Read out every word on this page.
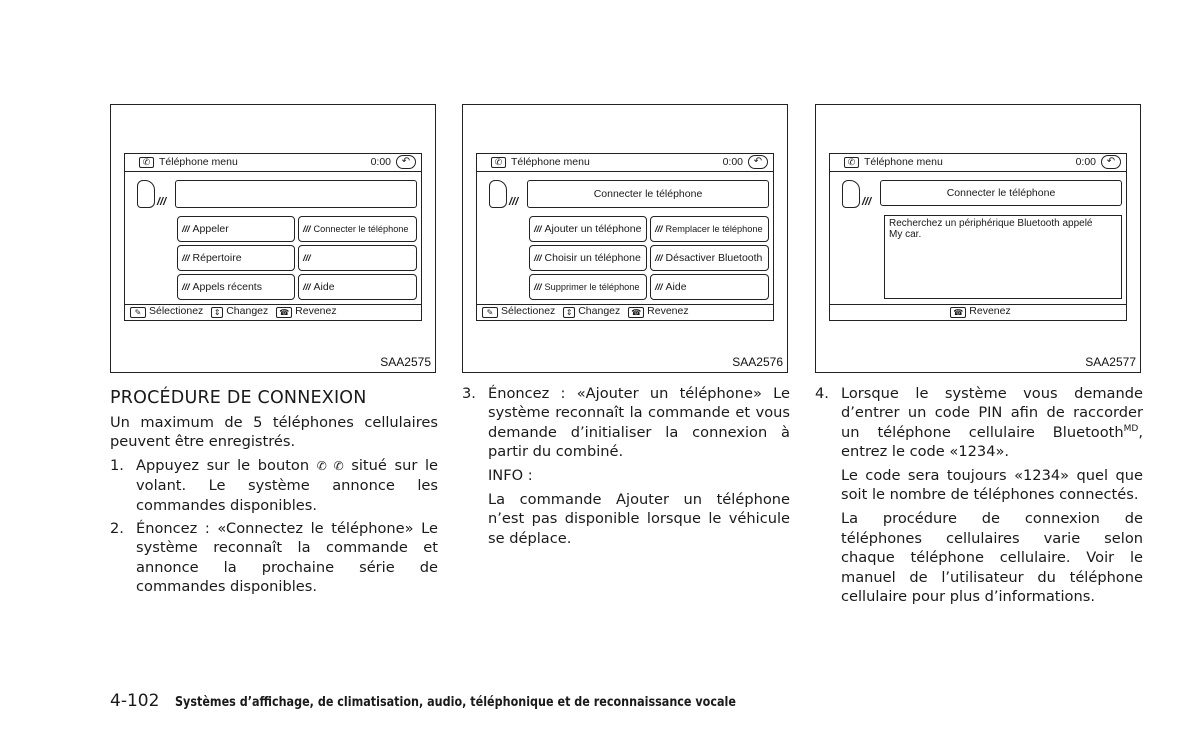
✆ Téléphone menu	0:00	↶
///
/// Appeler	/// Connecter le téléphone
/// Répertoire	///
/// Appels récents	/// Aide
✎ Sélectionez ⇕ Changez ☎ Revenez
SAA2575
✆ Téléphone menu	0:00	↶
///
Connecter le téléphone
/// Ajouter un téléphone	/// Remplacer le téléphone
/// Choisir un téléphone	/// Désactiver Bluetooth
/// Supprimer le téléphone	/// Aide
✎ Sélectionez ⇕ Changez ☎ Revenez
SAA2576
✆ Téléphone menu	0:00	↶
///
Connecter le téléphone
Recherchez un périphérique Bluetooth appelé
My car.
☎ Revenez
SAA2577
PROCÉDURE DE CONNEXION
Un maximum de 5 téléphones cellulaires peuvent être enregistrés.
1. Appuyez sur le bouton ✆ ✆ situé sur le volant. Le système annonce les commandes disponibles.
2. Énoncez : «Connectez le téléphone» Le système reconnaît la commande et annonce la prochaine série de commandes disponibles.
3. Énoncez : «Ajouter un téléphone» Le système reconnaît la commande et vous demande d’initialiser la connexion à partir du combiné.
INFO :
La commande Ajouter un téléphone n’est pas disponible lorsque le véhicule se déplace.
4. Lorsque le système vous demande d’entrer un code PIN afin de raccorder un téléphone cellulaire Bluetooth$^{MD}$, entrez le code «1234».
Le code sera toujours «1234» quel que soit le nombre de téléphones connectés.
La procédure de connexion de téléphones cellulaires varie selon chaque téléphone cellulaire. Voir le manuel de l’utilisateur du téléphone cellulaire pour plus d’informations.
4-102 Systèmes d’affichage, de climatisation, audio, téléphonique et de reconnaissance vocale
